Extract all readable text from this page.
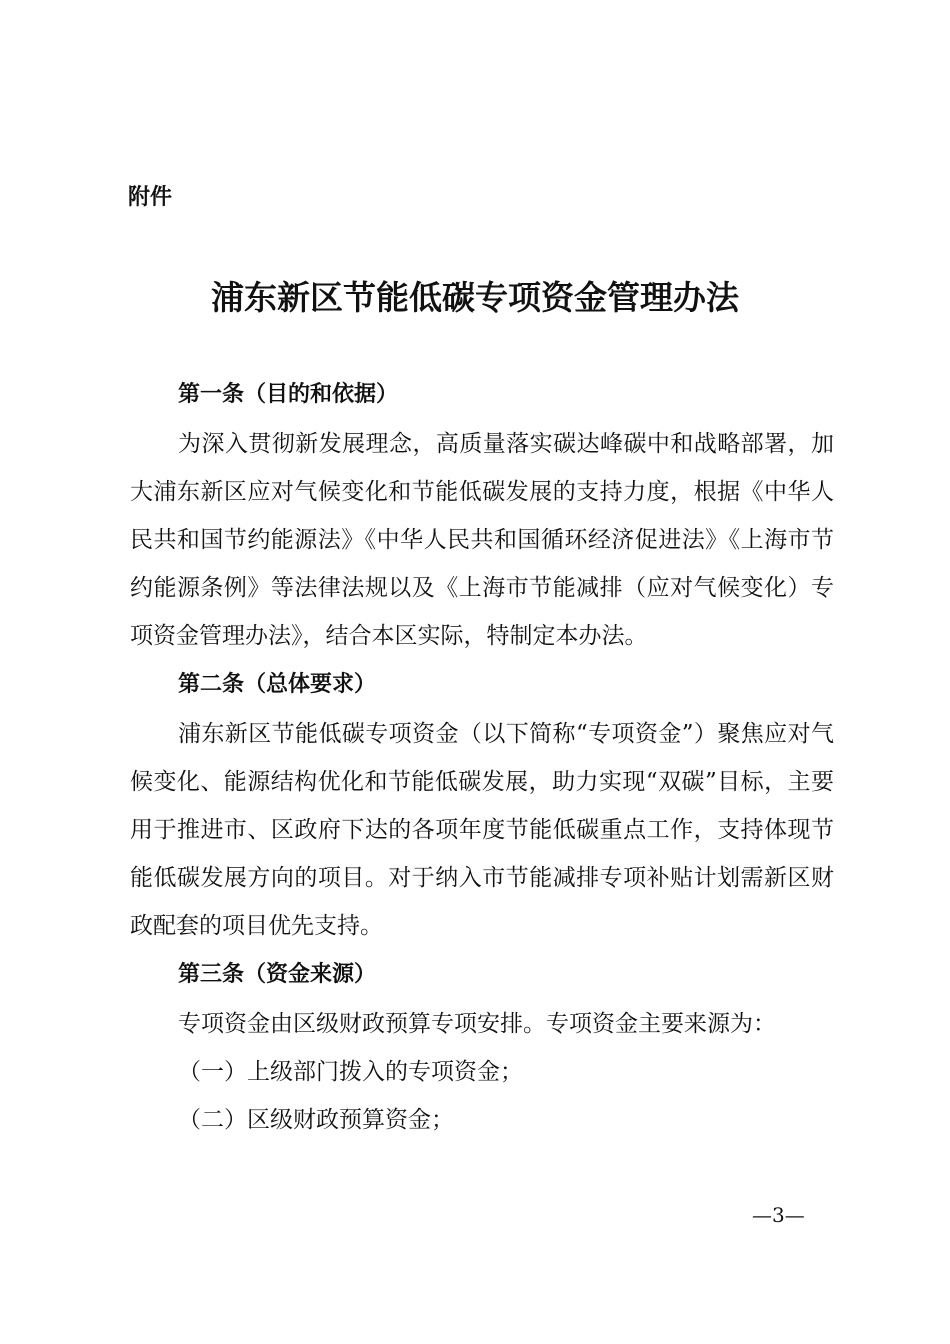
附件
浦东新区节能低碳专项资金管理办法
第一条（目的和依据）

为深入贯彻新发展理念，高质量落实碳达峰碳中和战略部署，加大浦东新区应对气候变化和节能低碳发展的支持力度，根据《中华人民共和国节约能源法》《中华人民共和国循环经济促进法》《上海市节约能源条例》等法律法规以及《上海市节能减排（应对气候变化）专项资金管理办法》，结合本区实际，特制定本办法。

第二条（总体要求）

浦东新区节能低碳专项资金（以下简称“专项资金”）聚焦应对气候变化、能源结构优化和节能低碳发展，助力实现“双碳”目标，主要用于推进市、区政府下达的各项年度节能低碳重点工作，支持体现节能低碳发展方向的项目。对于纳入市节能减排专项补贴计划需新区财政配套的项目优先支持。

第三条（资金来源）

专项资金由区级财政预算专项安排。专项资金主要来源为：

（一）上级部门拨入的专项资金；

（二）区级财政预算资金；

—3—
